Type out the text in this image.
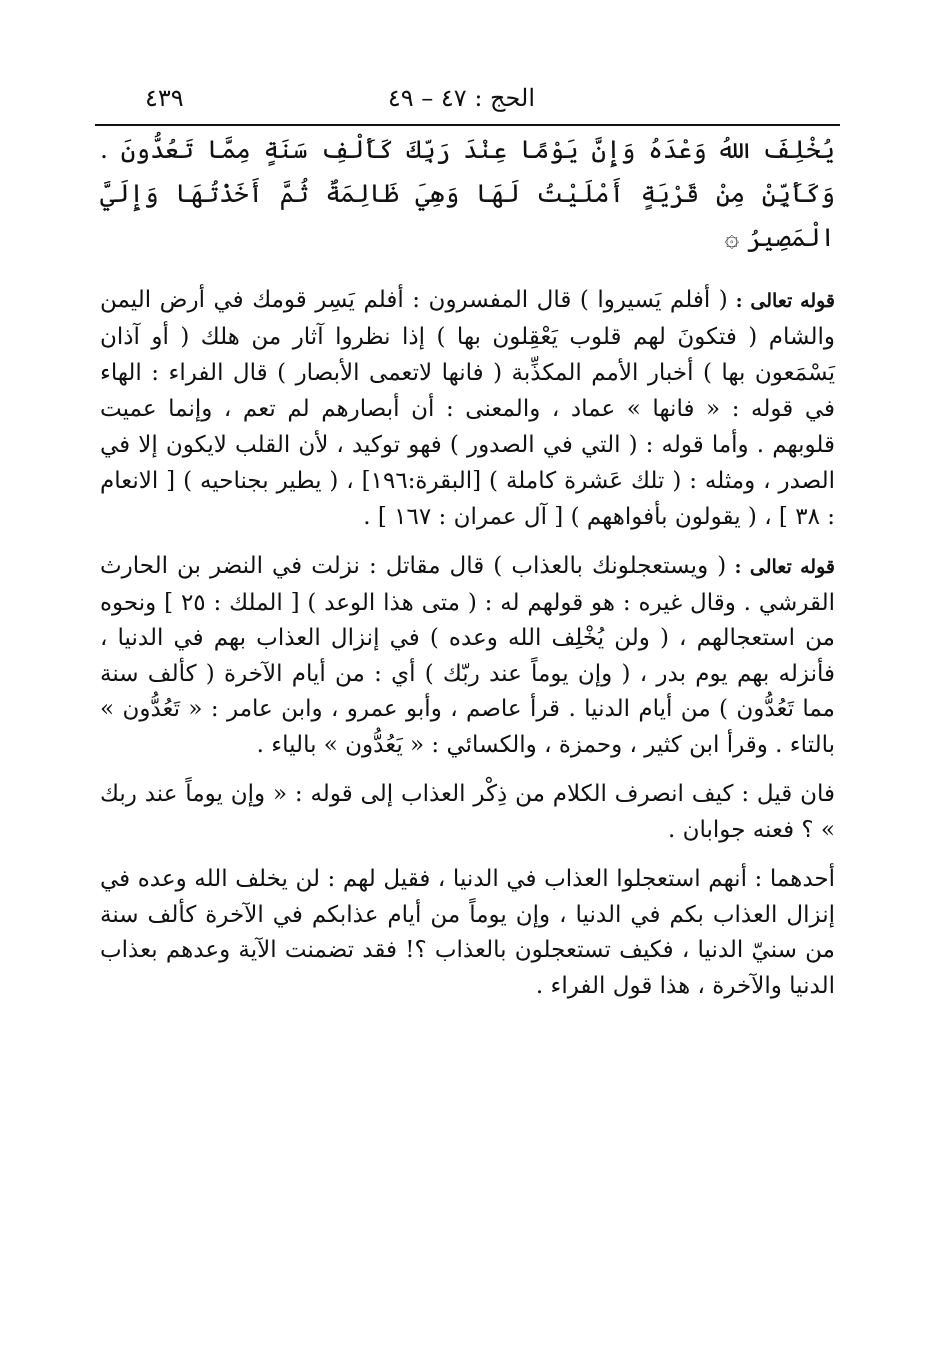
الحج : ٤٧ – ٤٩
٤٣٩

يُخْلِفَ اللهُ وَعْدَهُ وَإِنَّ يَوْمًا عِنْدَ رَبِّكَ كَأَلْفِ سَنَةٍ مِمَّا تَعُدُّونَ . وَكَأَيِّنْ مِنْ قَرْيَةٍ أَمْلَيْتُ لَهَا وَهِيَ ظَالِمَةٌ ثُمَّ أَخَذْتُهَا وَإِلَيَّ الْمَصِيرُ ۞

قوله تعالى : ( أفلم يَسيروا ) قال المفسرون : أفلم يَسِر قومك في أرض اليمن والشام ( فتكونَ لهم قلوب يَعْقِلون بها ) إذا نظروا آثار من هلك ( أو آذان يَسْمَعون بها ) أخبار الأمم المكذِّبة ( فانها لاتعمى الأبصار ) قال الفراء : الهاء في قوله : « فانها » عماد ، والمعنى : أن أبصارهم لم تعم ، وإنما عميت قلوبهم . وأما قوله : ( التي في الصدور ) فهو توكيد ، لأن القلب لايكون إلا في الصدر ، ومثله : ( تلك عَشرة كاملة ) [البقرة:١٩٦] ، ( يطير بجناحيه ) [ الانعام : ٣٨ ] ، ( يقولون بأفواههم ) [ آل عمران : ١٦٧ ] .

قوله تعالى : ( ويستعجلونك بالعذاب ) قال مقاتل : نزلت في النضر بن الحارث القرشي . وقال غيره : هو قولهم له : ( متى هذا الوعد ) [ الملك : ٢٥ ] ونحوه من استعجالهم ، ( ولن يُخْلِف الله وعده ) في إنزال العذاب بهم في الدنيا ، فأنزله بهم يوم بدر ، ( وإن يوماً عند ربّك ) أي : من أيام الآخرة ( كألف سنة مما تَعُدُّون ) من أيام الدنيا . قرأ عاصم ، وأبو عمرو ، وابن عامر : « تَعُدُّون » بالتاء . وقرأ ابن كثير ، وحمزة ، والكسائي : « يَعُدُّون » بالياء .

فان قيل : كيف انصرف الكلام من ذِكْر العذاب إلى قوله : « وإن يوماً عند ربك » ؟ فعنه جوابان .

أحدهما : أنهم استعجلوا العذاب في الدنيا ، فقيل لهم : لن يخلف الله وعده في إنزال العذاب بكم في الدنيا ، وإن يوماً من أيام عذابكم في الآخرة كألف سنة من سنيّ الدنيا ، فكيف تستعجلون بالعذاب ؟! فقد تضمنت الآية وعدهم بعذاب الدنيا والآخرة ، هذا قول الفراء .
